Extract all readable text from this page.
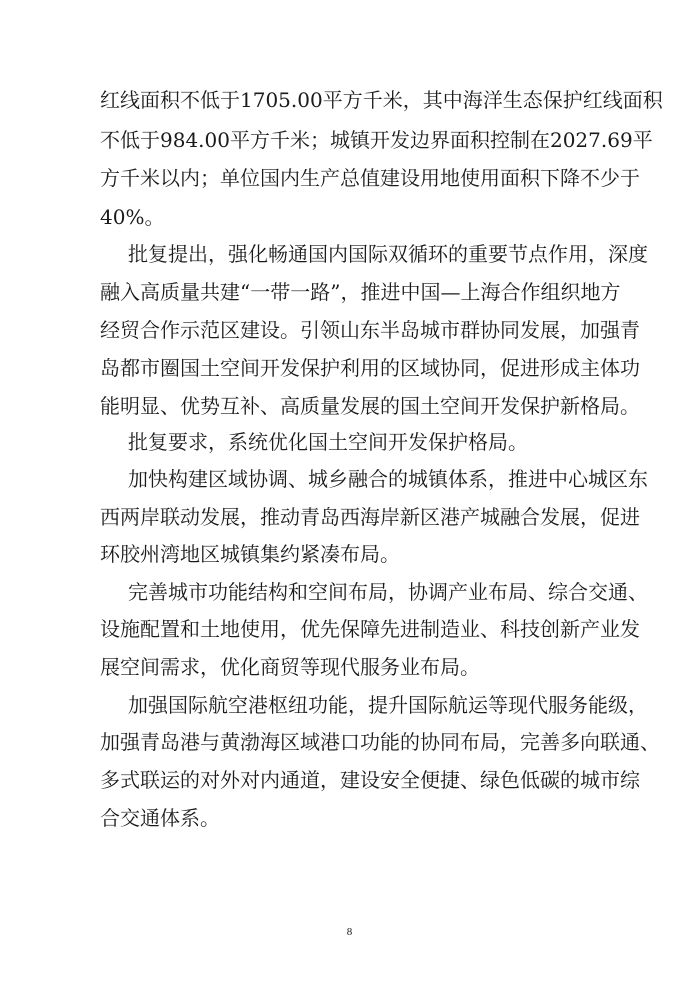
红 线 面 积 不 低 于 1705.00 平 方 千 米 ， 其 中 海 洋 生 态 保 护 红 线 面 积
不 低 于 984.00 平 方 千 米 ； 城 镇 开 发 边 界 面 积 控 制 在 2027.69 平
方 千 米 以 内 ； 单 位 国 内 生 产 总 值 建 设 用 地 使 用 面 积 下 降 不 少 于
40%。
批 复 提 出 ， 强 化 畅 通 国 内 国 际 双 循 环 的 重 要 节 点 作 用 ， 深 度
融 入 高 质 量 共 建 “ 一 带 一 路 ” ， 推 进 中 国 — 上 海 合 作 组 织 地 方
经 贸 合 作 示 范 区 建 设 。 引 领 山 东 半 岛 城 市 群 协 同 发 展 ， 加 强 青
岛 都 市 圈 国 土 空 间 开 发 保 护 利 用 的 区 域 协 同 ， 促 进 形 成 主 体 功
能 明 显 、 优 势 互 补 、 高 质 量 发 展 的 国 土 空 间 开 发 保 护 新 格 局 。
批复要求，系统优化国土空间开发保护格局。
加 快 构 建 区 域 协 调 、 城 乡 融 合 的 城 镇 体 系 ， 推 进 中 心 城 区 东
西 两 岸 联 动 发 展 ， 推 动 青 岛 西 海 岸 新 区 港 产 城 融 合 发 展 ， 促 进
环胶州湾地区城镇集约紧凑布局。
完 善 城 市 功 能 结 构 和 空 间 布 局 ， 协 调 产 业 布 局 、 综 合 交 通 、
设 施 配 置 和 土 地 使 用 ， 优 先 保 障 先 进 制 造 业 、 科 技 创 新 产 业 发
展空间需求，优化商贸等现代服务业布局。
加 强 国 际 航 空 港 枢 纽 功 能 ， 提 升 国 际 航 运 等 现 代 服 务 能 级 ，
加 强 青 岛 港 与 黄 渤 海 区 域 港 口 功 能 的 协 同 布 局 ， 完 善 多 向 联 通 、
多 式 联 运 的 对 外 对 内 通 道 ， 建 设 安 全 便 捷 、 绿 色 低 碳 的 城 市 综
合交通体系。
8
